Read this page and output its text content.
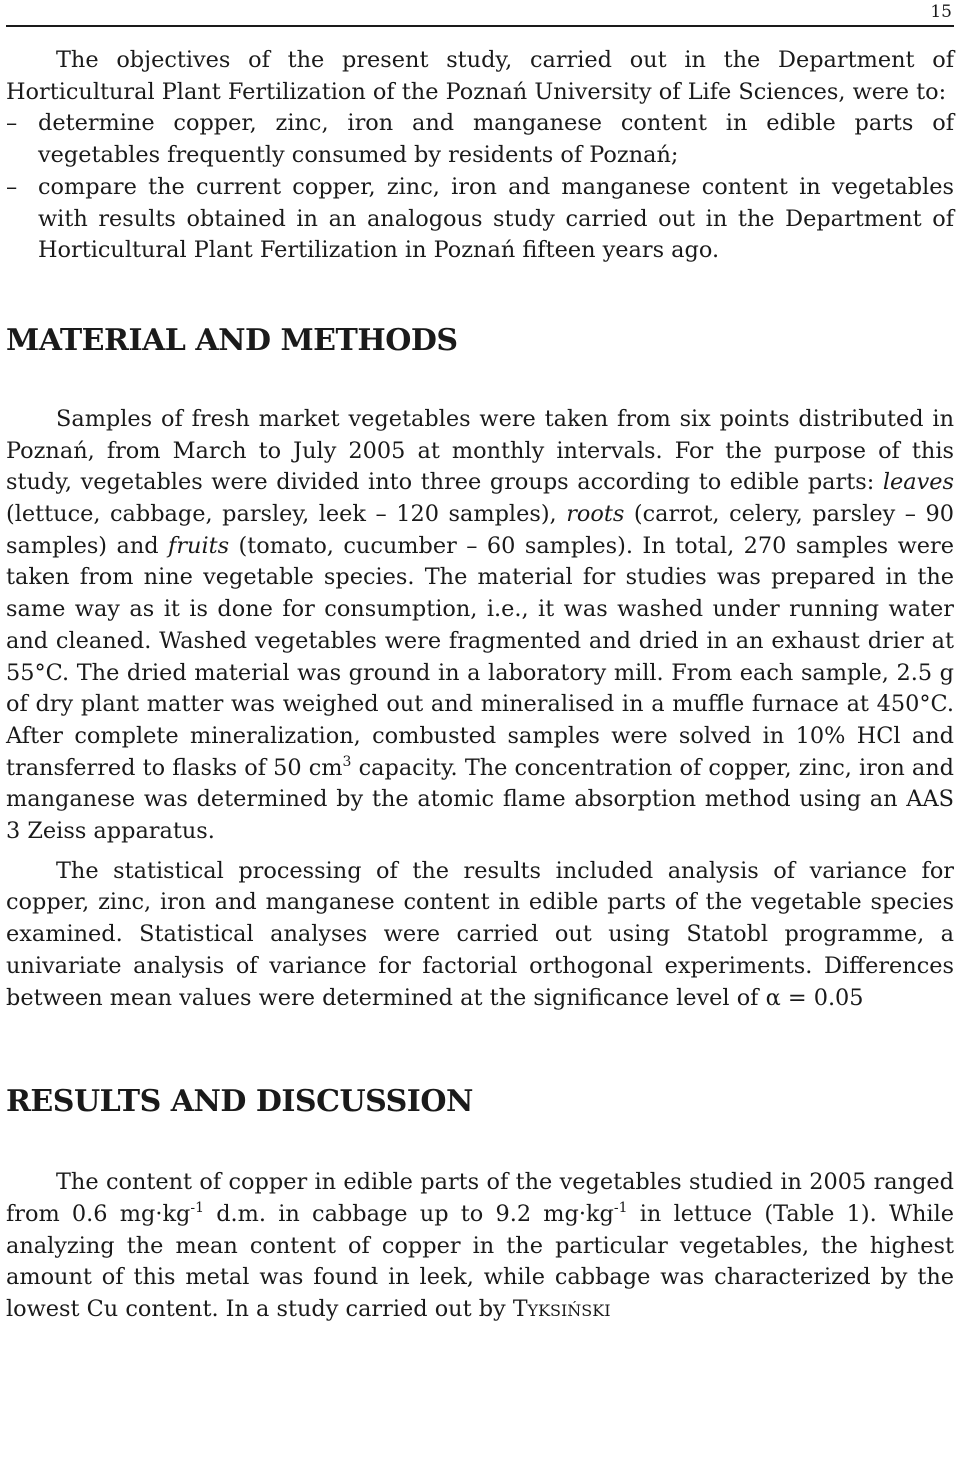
15

The objectives of the present study, carried out in the Department of Horticultural Plant Fertilization of the Poznań University of Life Sciences, were to:

– determine copper, zinc, iron and manganese content in edible parts of vegetables frequently consumed by residents of Poznań;

– compare the current copper, zinc, iron and manganese content in vegetables with results obtained in an analogous study carried out in the Department of Horticultural Plant Fertilization in Poznań fifteen years ago.

MATERIAL AND METHODS

Samples of fresh market vegetables were taken from six points distributed in Poznań, from March to July 2005 at monthly intervals. For the purpose of this study, vegetables were divided into three groups according to edible parts: leaves (lettuce, cabbage, parsley, leek – 120 samples), roots (carrot, celery, parsley – 90 samples) and fruits (tomato, cucumber – 60 samples). In total, 270 samples were taken from nine vegetable species. The material for studies was prepared in the same way as it is done for consumption, i.e., it was washed under running water and cleaned. Washed vegetables were fragmented and dried in an exhaust drier at 55°C. The dried material was ground in a laboratory mill. From each sample, 2.5 g of dry plant matter was weighed out and mineralised in a muffle furnace at 450°C. After complete mineralization, combusted samples were solved in 10% HCl and transferred to flasks of 50 $cm^3$ capacity. The concentration of copper, zinc, iron and manganese was determined by the atomic flame absorption method using an AAS 3 Zeiss apparatus.

The statistical processing of the results included analysis of variance for copper, zinc, iron and manganese content in edible parts of the vegetable species examined. Statistical analyses were carried out using Statobl programme, a univariate analysis of variance for factorial orthogonal experiments. Differences between mean values were determined at the significance level of α = 0.05

RESULTS AND DISCUSSION

The content of copper in edible parts of the vegetables studied in 2005 ranged from 0.6 $mg\cdot kg^{-1}$ d.m. in cabbage up to 9.2 $mg\cdot kg^{-1}$ in lettuce (Table 1). While analyzing the mean content of copper in the particular vegetables, the highest amount of this metal was found in leek, while cabbage was characterized by the lowest Cu content. In a study carried out by TYKSIŃSKI
